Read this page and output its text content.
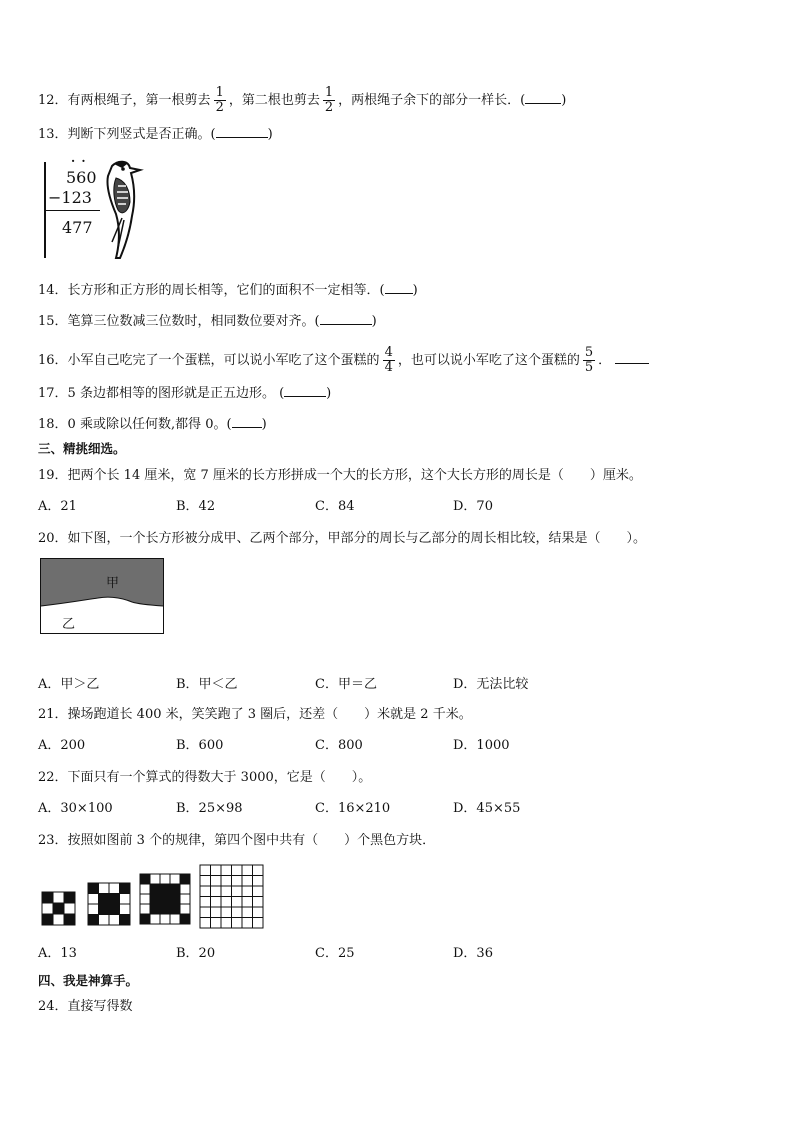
12．有两根绳子，第一根剪去 $\frac{1}{2}$ ，第二根也剪去 $\frac{1}{2}$ ，两根绳子余下的部分一样长．(	)
13．判断下列竖式是否正确。(	)
· ·
560
−123
477
14．长方形和正方形的周长相等，它们的面积不一定相等．( )
15．笔算三位数减三位数时，相同数位要对齐。(	)
16．小军自己吃完了一个蛋糕，可以说小军吃了这个蛋糕的 $\frac{4}{4}$ ，也可以说小军吃了这个蛋糕的 $\frac{5}{5}$ ．
17．5 条边都相等的图形就是正五边形。 (	)
18．0 乘或除以任何数,都得 0。( )
三、精挑细选。
19．把两个长 14 厘米，宽 7 厘米的长方形拼成一个大的长方形，这个大长方形的周长是（　　）厘米。
A．21	B．42	C．84	D．70
20．如下图，一个长方形被分成甲、乙两个部分，甲部分的周长与乙部分的周长相比较，结果是（　　）。
甲
乙
A．甲＞乙	B．甲＜乙	C．甲＝乙	D．无法比较
21．操场跑道长 400 米，笑笑跑了 3 圈后，还差（　　）米就是 2 千米。
A．200	B．600	C．800	D．1000
22．下面只有一个算式的得数大于 3000，它是（　　）。
A．30×100	B．25×98	C．16×210	D．45×55
23．按照如图前 3 个的规律，第四个图中共有（　　）个黑色方块．
A．13	B．20	C．25	D．36
四、我是神算手。
24．直接写得数
